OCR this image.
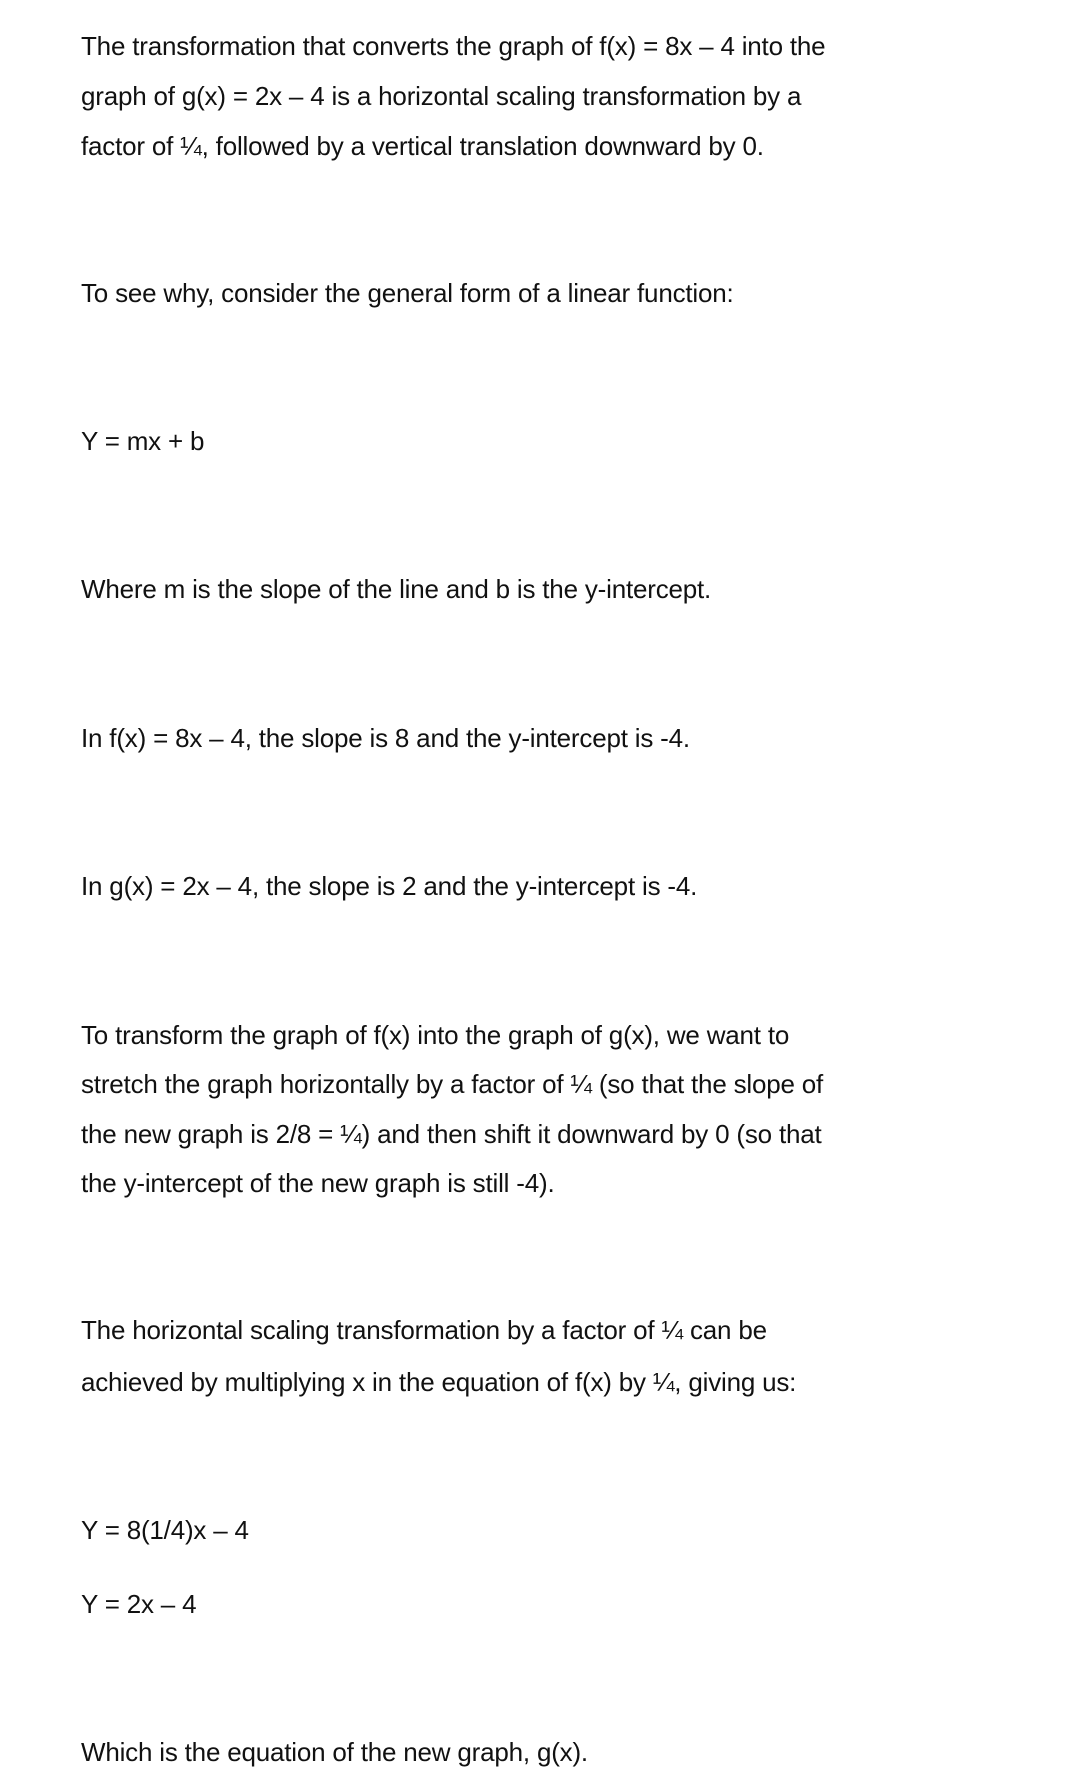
The transformation that converts the graph of f(x) = 8x – 4 into the
graph of g(x) = 2x – 4 is a horizontal scaling transformation by a
factor of ¼, followed by a vertical translation downward by 0.
To see why, consider the general form of a linear function:
Y = mx + b
Where m is the slope of the line and b is the y-intercept.
In f(x) = 8x – 4, the slope is 8 and the y-intercept is -4.
In g(x) = 2x – 4, the slope is 2 and the y-intercept is -4.
To transform the graph of f(x) into the graph of g(x), we want to
stretch the graph horizontally by a factor of ¼ (so that the slope of
the new graph is 2/8 = ¼) and then shift it downward by 0 (so that
the y-intercept of the new graph is still -4).
The horizontal scaling transformation by a factor of ¼ can be
achieved by multiplying x in the equation of f(x) by ¼, giving us:
Y = 8(1/4)x – 4
Y = 2x – 4
Which is the equation of the new graph, g(x).
